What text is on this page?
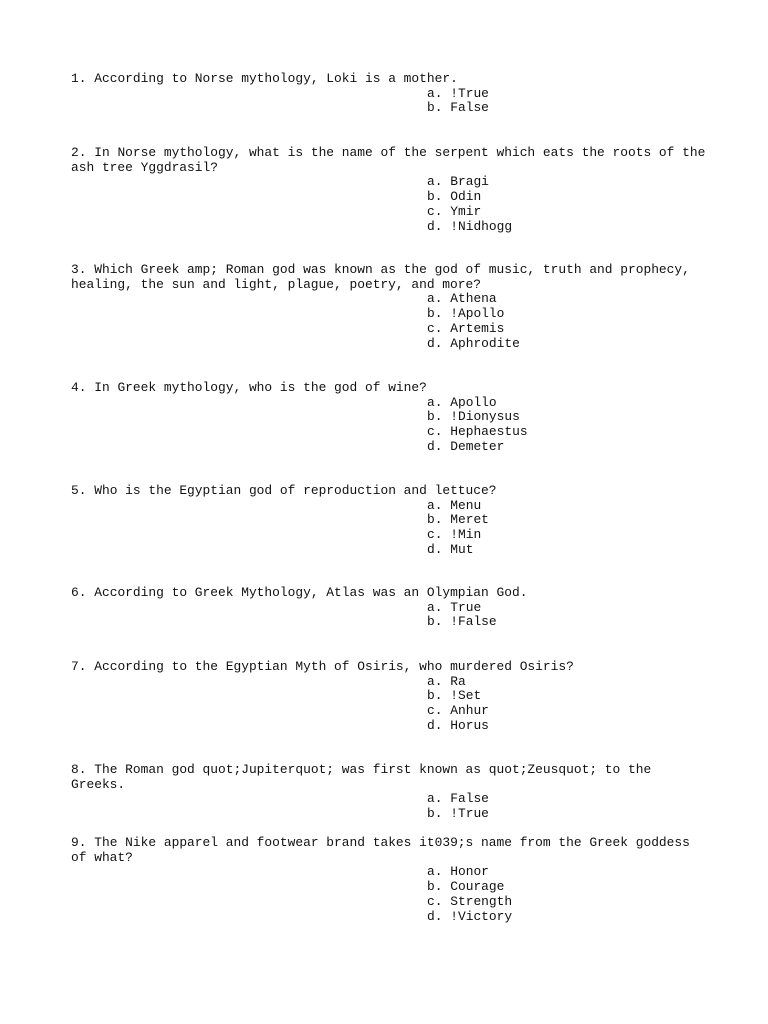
1. According to Norse mythology, Loki is a mother.
a. !True
b. False
2. In Norse mythology, what is the name of the serpent which eats the roots of the ash tree Yggdrasil?
a. Bragi
b. Odin
c. Ymir
d. !Nidhogg
3. Which Greek amp; Roman god was known as the god of music, truth and prophecy, healing, the sun and light, plague, poetry, and more?
a. Athena
b. !Apollo
c. Artemis
d. Aphrodite
4. In Greek mythology, who is the god of wine?
a. Apollo
b. !Dionysus
c. Hephaestus
d. Demeter
5. Who is the Egyptian god of reproduction and lettuce?
a. Menu
b. Meret
c. !Min
d. Mut
6. According to Greek Mythology, Atlas was an Olympian God.
a. True
b. !False
7. According to the Egyptian Myth of Osiris, who murdered Osiris?
a. Ra
b. !Set
c. Anhur
d. Horus
8. The Roman god quot;Jupiterquot; was first known as quot;Zeusquot; to the Greeks.
a. False
b. !True
9. The Nike apparel and footwear brand takes it039;s name from the Greek goddess of what?
a. Honor
b. Courage
c. Strength
d. !Victory
